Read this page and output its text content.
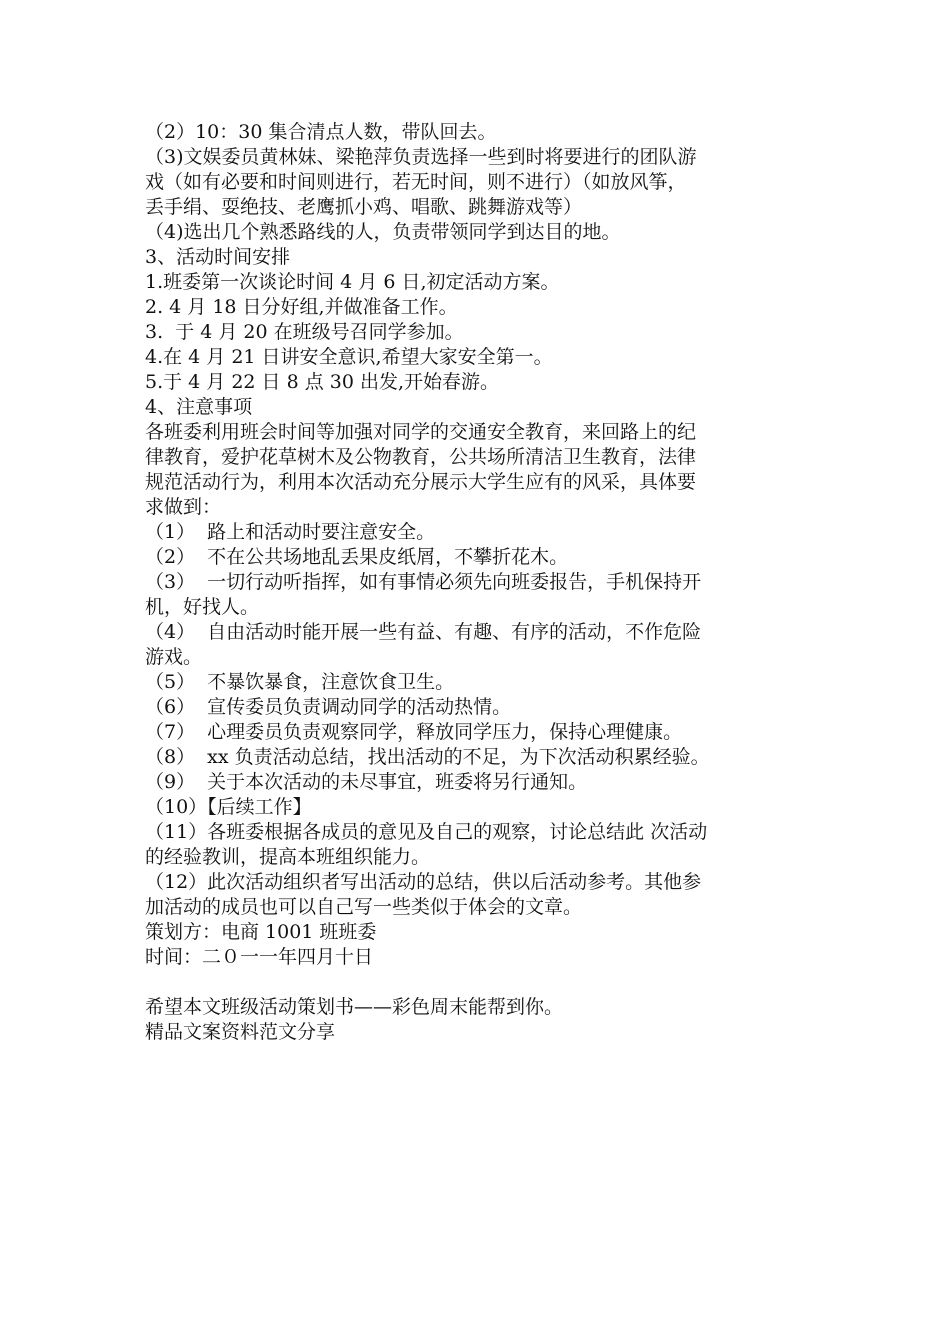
（2）10：30 集合清点人数，带队回去。
（3)文娱委员黄林妹、梁艳萍负责选择一些到时将要进行的团队游
戏（如有必要和时间则进行，若无时间，则不进行）（如放风筝，
丢手绢、耍绝技、老鹰抓小鸡、唱歌、跳舞游戏等）
（4)选出几个熟悉路线的人，负责带领同学到达目的地。
3、活动时间安排
1.班委第一次谈论时间 4 月 6 日,初定活动方案。
2. 4 月 18 日分好组,并做准备工作。
3.  于 4 月 20 在班级号召同学参加。
4.在 4 月 21 日讲安全意识,希望大家安全第一。
5.于 4 月 22 日 8 点 30 出发,开始春游。
4、注意事项
各班委利用班会时间等加强对同学的交通安全教育，来回路上的纪
律教育，爱护花草树木及公物教育，公共场所清洁卫生教育，法律
规范活动行为，利用本次活动充分展示大学生应有的风采，具体要
求做到：
（1）  路上和活动时要注意安全。
（2）  不在公共场地乱丢果皮纸屑，不攀折花木。
（3）  一切行动听指挥，如有事情必须先向班委报告，手机保持开
机，好找人。
（4）  自由活动时能开展一些有益、有趣、有序的活动，不作危险
游戏。
（5）  不暴饮暴食，注意饮食卫生。
（6）  宣传委员负责调动同学的活动热情。
（7）  心理委员负责观察同学，释放同学压力，保持心理健康。
（8）  xx 负责活动总结，找出活动的不足，为下次活动积累经验。
（9）  关于本次活动的未尽事宜，班委将另行通知。
（10）【后续工作】
（11）各班委根据各成员的意见及自己的观察，讨论总结此 次活动
的经验教训，提高本班组织能力。
（12）此次活动组织者写出活动的总结，供以后活动参考。其他参
加活动的成员也可以自己写一些类似于体会的文章。
策划方：电商 1001 班班委
时间：二０一一年四月十日
希望本文班级活动策划书——彩色周末能帮到你。
精品文案资料范文分享
